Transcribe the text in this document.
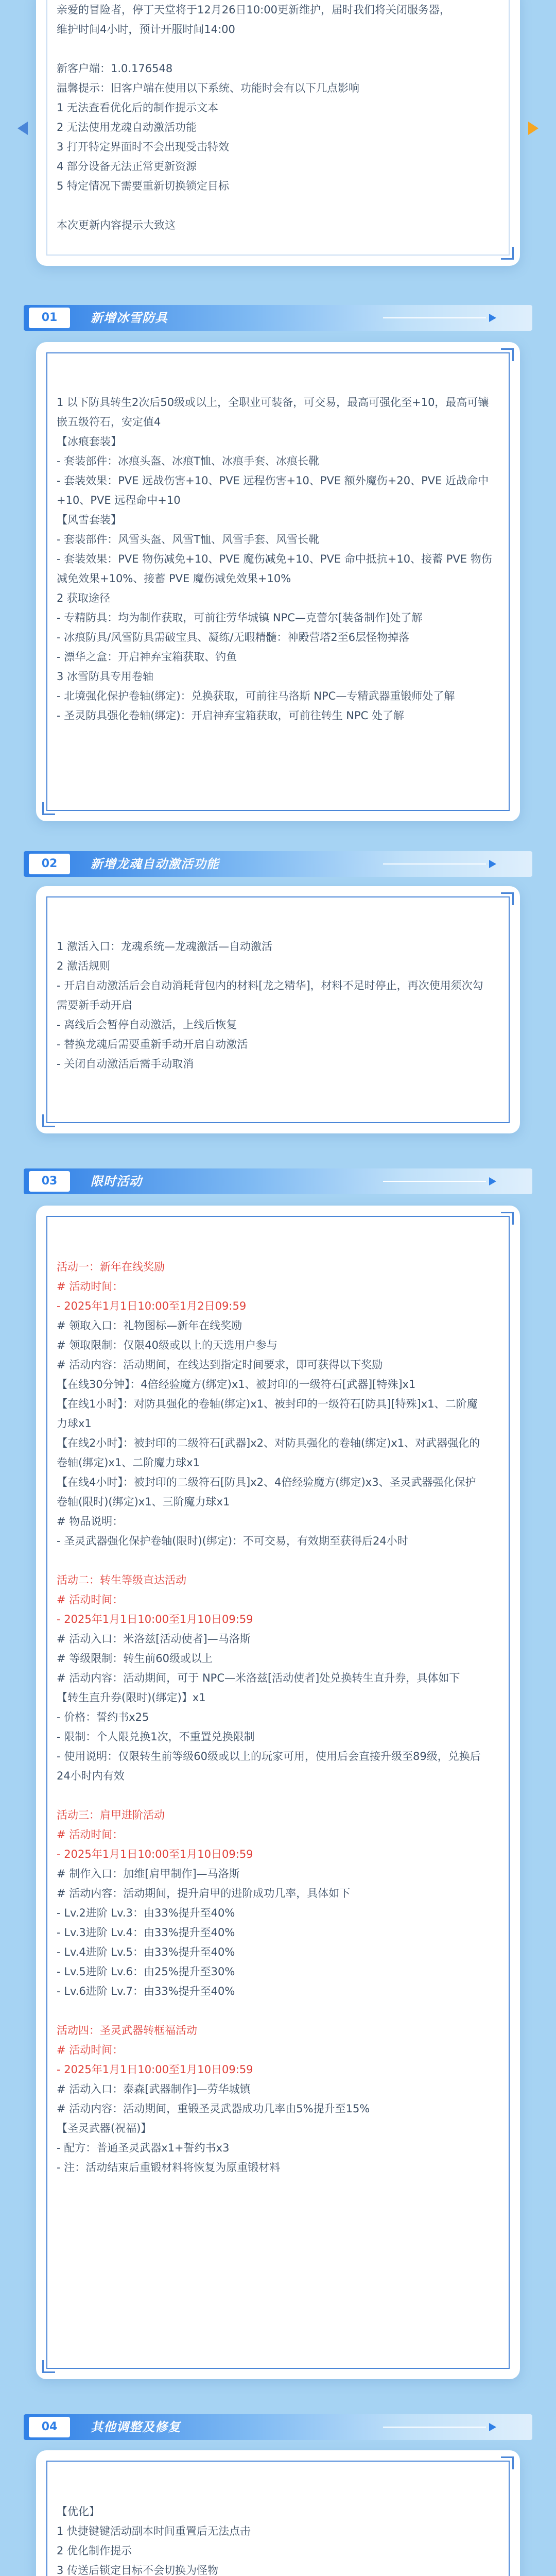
亲爱的冒险者，停丁天堂将于12月26日10:00更新维护，届时我们将关闭服务器，

维护时间4小时，预计开服时间14:00

新客户端：1.0.176548

温馨提示：旧客户端在使用以下系统、功能时会有以下几点影响

1 无法查看优化后的制作提示文本

2 无法使用龙魂自动激活功能

3 打开特定界面时不会出现受击特效

4 部分设备无法正常更新资源

5 特定情况下需要重新切换锁定目标

本次更新内容提示大致这

01	新增冰雪防具

1 以下防具转生2次后50级或以上，全职业可装备，可交易，最高可强化至+10，最高可镶

嵌五级符石，安定值4

【冰痕套装】

- 套装部件：冰痕头盔、冰痕T恤、冰痕手套、冰痕长靴

- 套装效果：PVE 远战伤害+10、PVE 远程伤害+10、PVE 额外魔伤+20、PVE 近战命中

+10、PVE 远程命中+10

【风雪套装】

- 套装部件：风雪头盔、风雪T恤、风雪手套、风雪长靴

- 套装效果：PVE 物伤减免+10、PVE 魔伤减免+10、PVE 命中抵抗+10、接蓄 PVE 物伤

减免效果+10%、接蓄 PVE 魔伤减免效果+10%

2 获取途径

- 专精防具：均为制作获取，可前往劳华城镇 NPC—克蕾尔[装备制作]处了解

- 冰痕防具/风雪防具需破宝具、凝练/无暇精髓：神殿营塔2至6层怪物掉落

- 漂华之盒：开启神弃宝箱获取、钓鱼

3 冰雪防具专用卷轴

- 北境强化保护卷轴(绑定)：兑换获取，可前往马洛斯 NPC—专精武器重锻师处了解

- 圣灵防具强化卷轴(绑定)：开启神弃宝箱获取，可前往转生 NPC 处了解

02	新增龙魂自动激活功能

1 激活入口：龙魂系统—龙魂激活—自动激活

2 激活规则

- 开启自动激活后会自动消耗背包内的材料[龙之精华]，材料不足时停止，再次使用须次勾

需要新手动开启

- 离线后会暂停自动激活，上线后恢复

- 替换龙魂后需要重新手动开启自动激活

- 关闭自动激活后需手动取消

03	限时活动

活动一：新年在线奖励

# 活动时间：

- 2025年1月1日10:00至1月2日09:59

# 领取入口：礼物图标—新年在线奖励

# 领取限制：仅限40级或以上的天选用户参与

# 活动内容：活动期间，在线达到指定时间要求，即可获得以下奖励

【在线30分钟】：4倍经验魔方(绑定)x1、被封印的一级符石[武器][特殊]x1

【在线1小时】：对防具强化的卷轴(绑定)x1、被封印的一级符石[防具][特殊]x1、二阶魔

力球x1

【在线2小时】：被封印的二级符石[武器]x2、对防具强化的卷轴(绑定)x1、对武器强化的

卷轴(绑定)x1、二阶魔力球x1

【在线4小时】：被封印的二级符石[防具]x2、4倍经验魔方(绑定)x3、圣灵武器强化保护

卷轴(限时)(绑定)x1、三阶魔力球x1

# 物品说明：

- 圣灵武器强化保护卷轴(限时)(绑定)：不可交易，有效期至获得后24小时

活动二：转生等级直达活动

# 活动时间：

- 2025年1月1日10:00至1月10日09:59

# 活动入口：米洛兹[活动使者]—马洛斯

# 等级限制：转生前60级或以上

# 活动内容：活动期间，可于 NPC—米洛兹[活动使者]处兑换转生直升券，具体如下

【转生直升券(限时)(绑定)】x1

- 价格：誓约书x25

- 限制：个人限兑换1次，不重置兑换限制

- 使用说明：仅限转生前等级60级或以上的玩家可用，使用后会直接升级至89级，兑换后

24小时内有效

活动三：肩甲进阶活动

# 活动时间：

- 2025年1月1日10:00至1月10日09:59

# 制作入口：加维[肩甲制作]—马洛斯

# 活动内容：活动期间，提升肩甲的进阶成功几率，具体如下

- Lv.2进阶 Lv.3：由33%提升至40%

- Lv.3进阶 Lv.4：由33%提升至40%

- Lv.4进阶 Lv.5：由33%提升至40%

- Lv.5进阶 Lv.6：由25%提升至30%

- Lv.6进阶 Lv.7：由33%提升至40%

活动四：圣灵武器转框福活动

# 活动时间：

- 2025年1月1日10:00至1月10日09:59

# 活动入口：泰森[武器制作]—劳华城镇

# 活动内容：活动期间，重锻圣灵武器成功几率由5%提升至15%

【圣灵武器(祝福)】

- 配方：普通圣灵武器x1+誓约书x3

- 注：活动结束后重锻材料将恢复为原重锻材料

04	其他调整及修复

【优化】

1 快捷键键活动副本时间重置后无法点击

2 优化制作提示

3 传送后锁定目标不会切换为怪物
